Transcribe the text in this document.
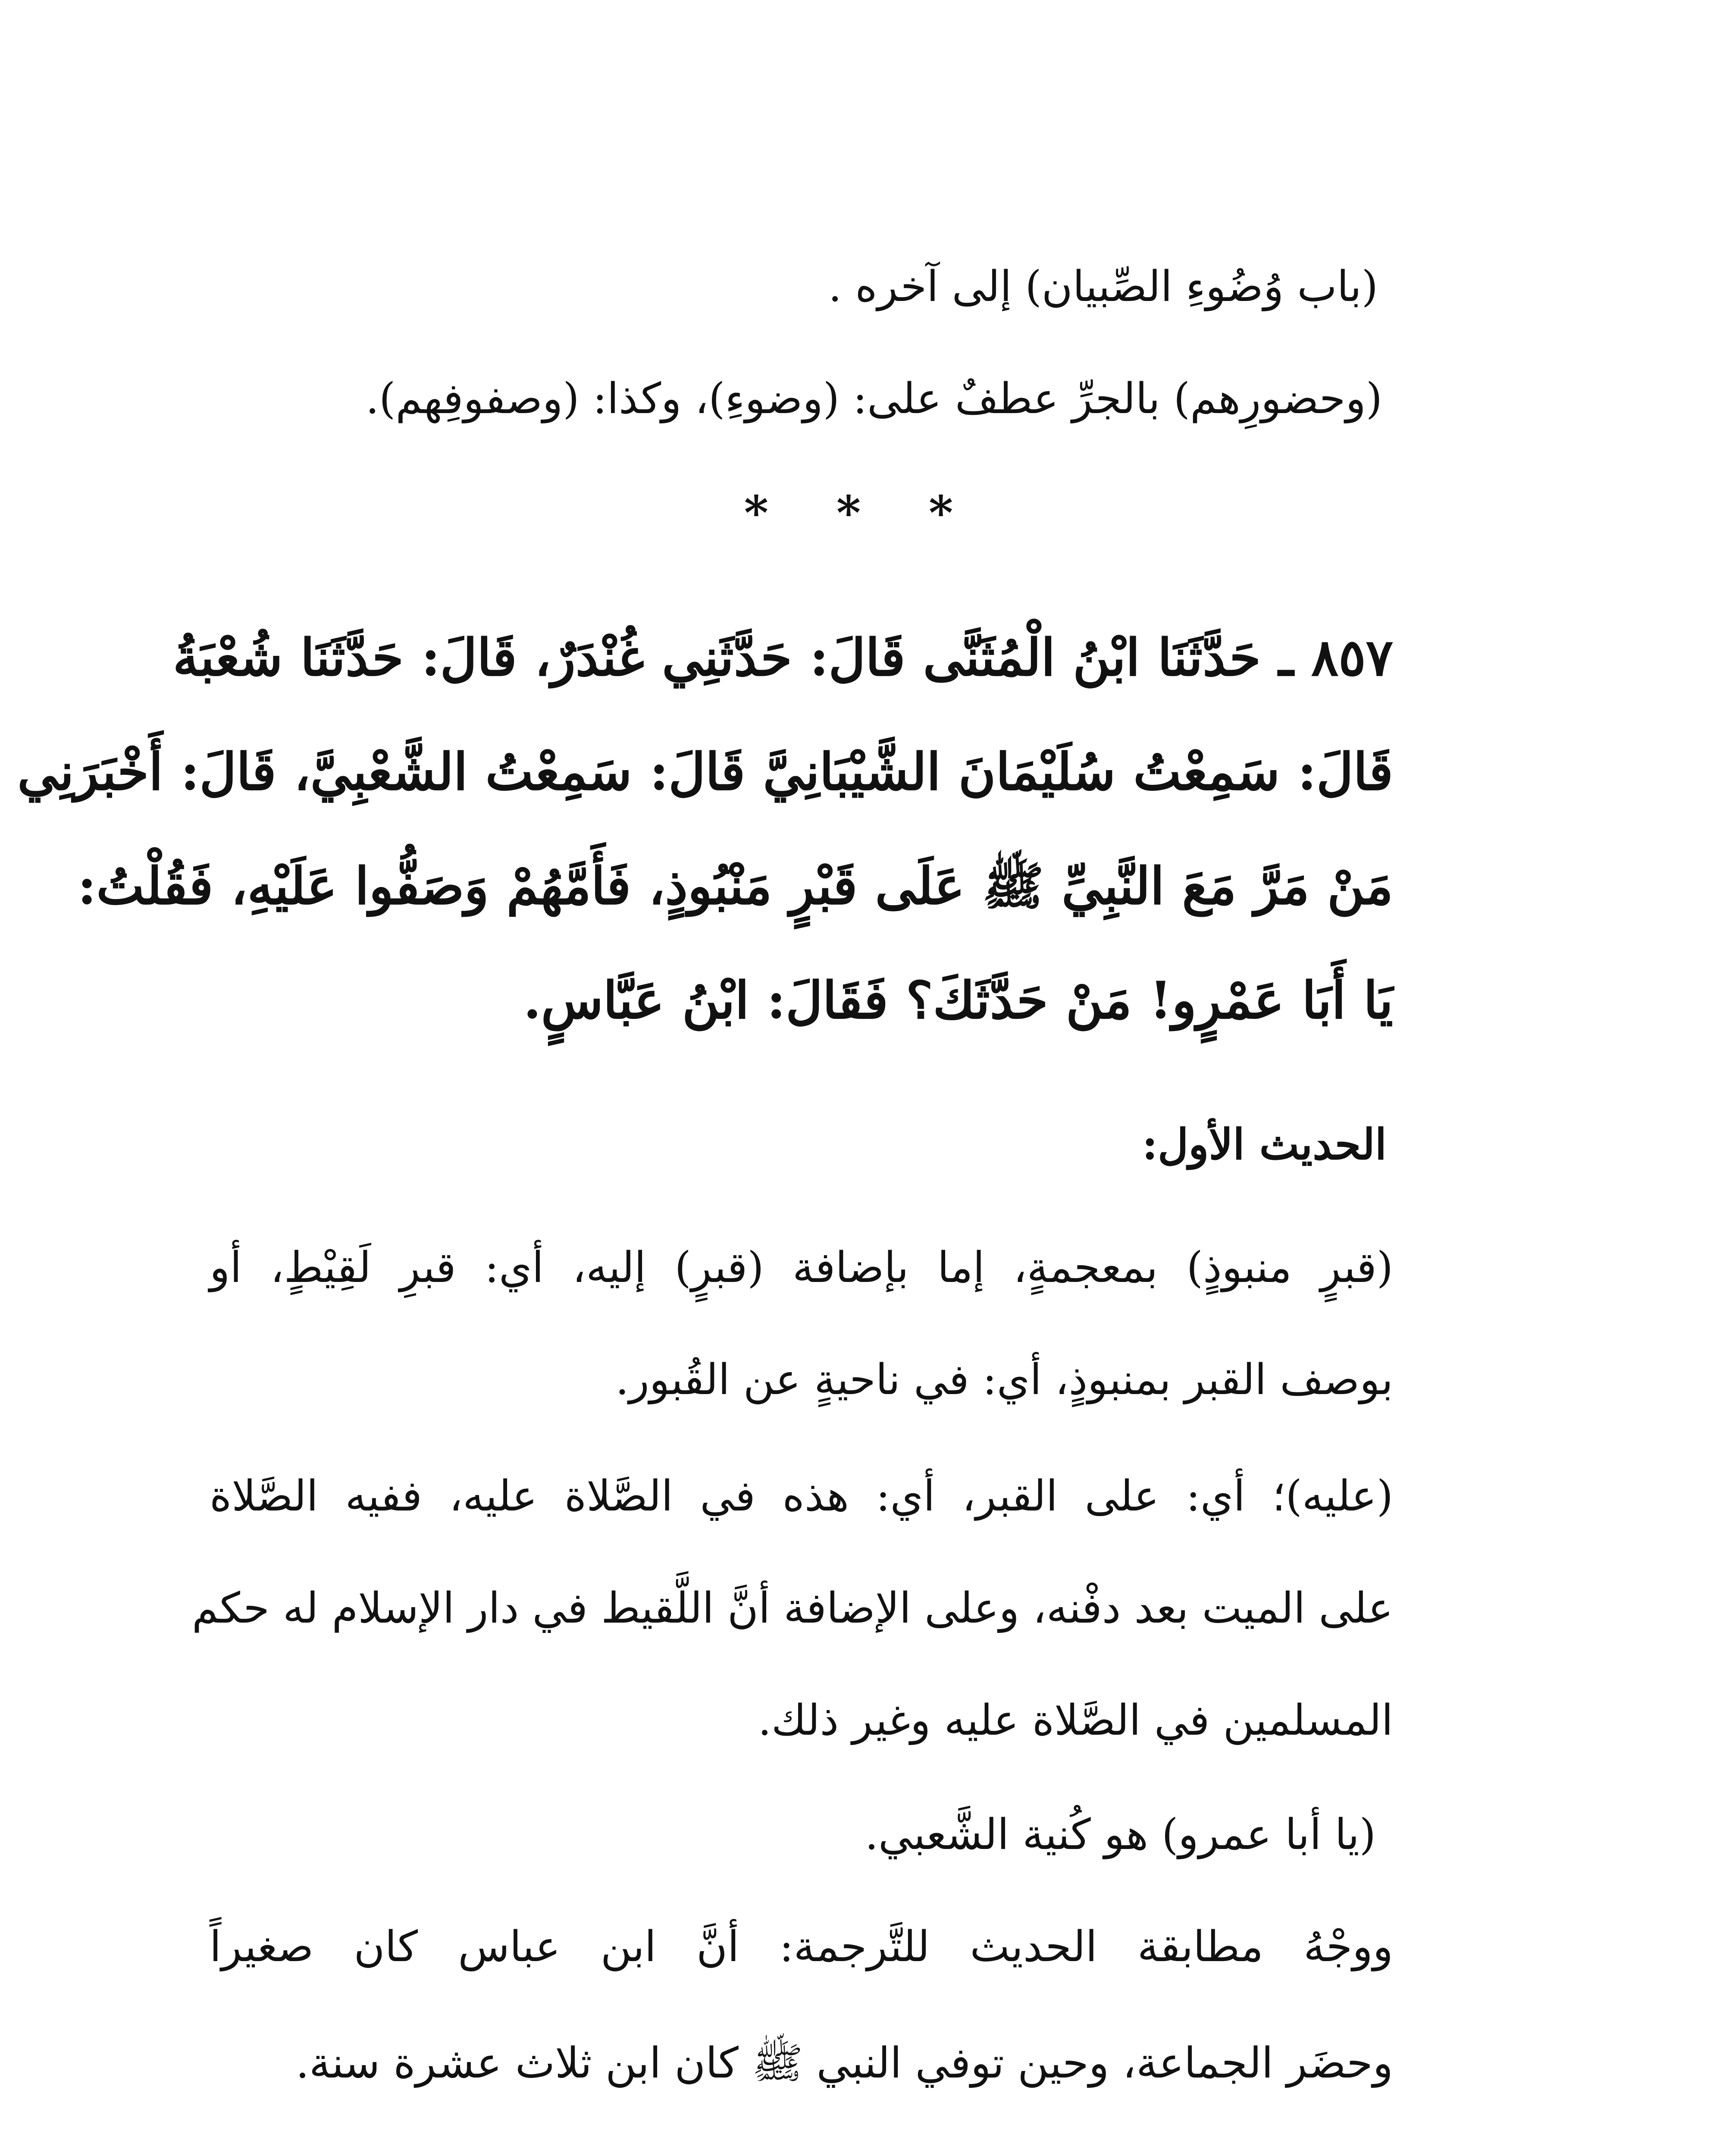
(باب وُضُوءِ الصِّبيان) إلى آخره .
(وحضورِهم) بالجرِّ عطفٌ على: (وضوءِ)، وكذا: (وصفوفِهم).
* * *
٨٥٧ ـ حَدَّثَنَا ابْنُ الْمُثَنَّى قَالَ: حَدَّثَنِي غُنْدَرٌ، قَالَ: حَدَّثَنَا شُعْبَةُ
قَالَ: سَمِعْتُ سُلَيْمَانَ الشَّيْبَانِيَّ قَالَ: سَمِعْتُ الشَّعْبِيَّ، قَالَ: أَخْبَرَنِي
مَنْ مَرَّ مَعَ النَّبِيِّ ﷺ عَلَى قَبْرٍ مَنْبُوذٍ، فَأَمَّهُمْ وَصَفُّوا عَلَيْهِ، فَقُلْتُ:
يَا أَبَا عَمْرٍو! مَنْ حَدَّثَكَ؟ فَقَالَ: ابْنُ عَبَّاسٍ.
الحديث الأول:
(قبرٍ منبوذٍ) بمعجمةٍ، إما بإضافة (قبرٍ) إليه، أي: قبرِ لَقِيْطٍ، أو
بوصف القبر بمنبوذٍ، أي: في ناحيةٍ عن القُبور.
(عليه)؛ أي: على القبر، أي: هذه في الصَّلاة عليه، ففيه الصَّلاة
على الميت بعد دفْنه، وعلى الإضافة أنَّ اللَّقيط في دار الإسلام له حكم
المسلمين في الصَّلاة عليه وغير ذلك.
(يا أبا عمرو) هو كُنية الشَّعبي.
ووجْهُ مطابقة الحديث للتَّرجمة: أنَّ ابن عباس كان صغيراً
وحضَر الجماعة، وحين توفي النبي ﷺ كان ابن ثلاث عشرة سنة.
